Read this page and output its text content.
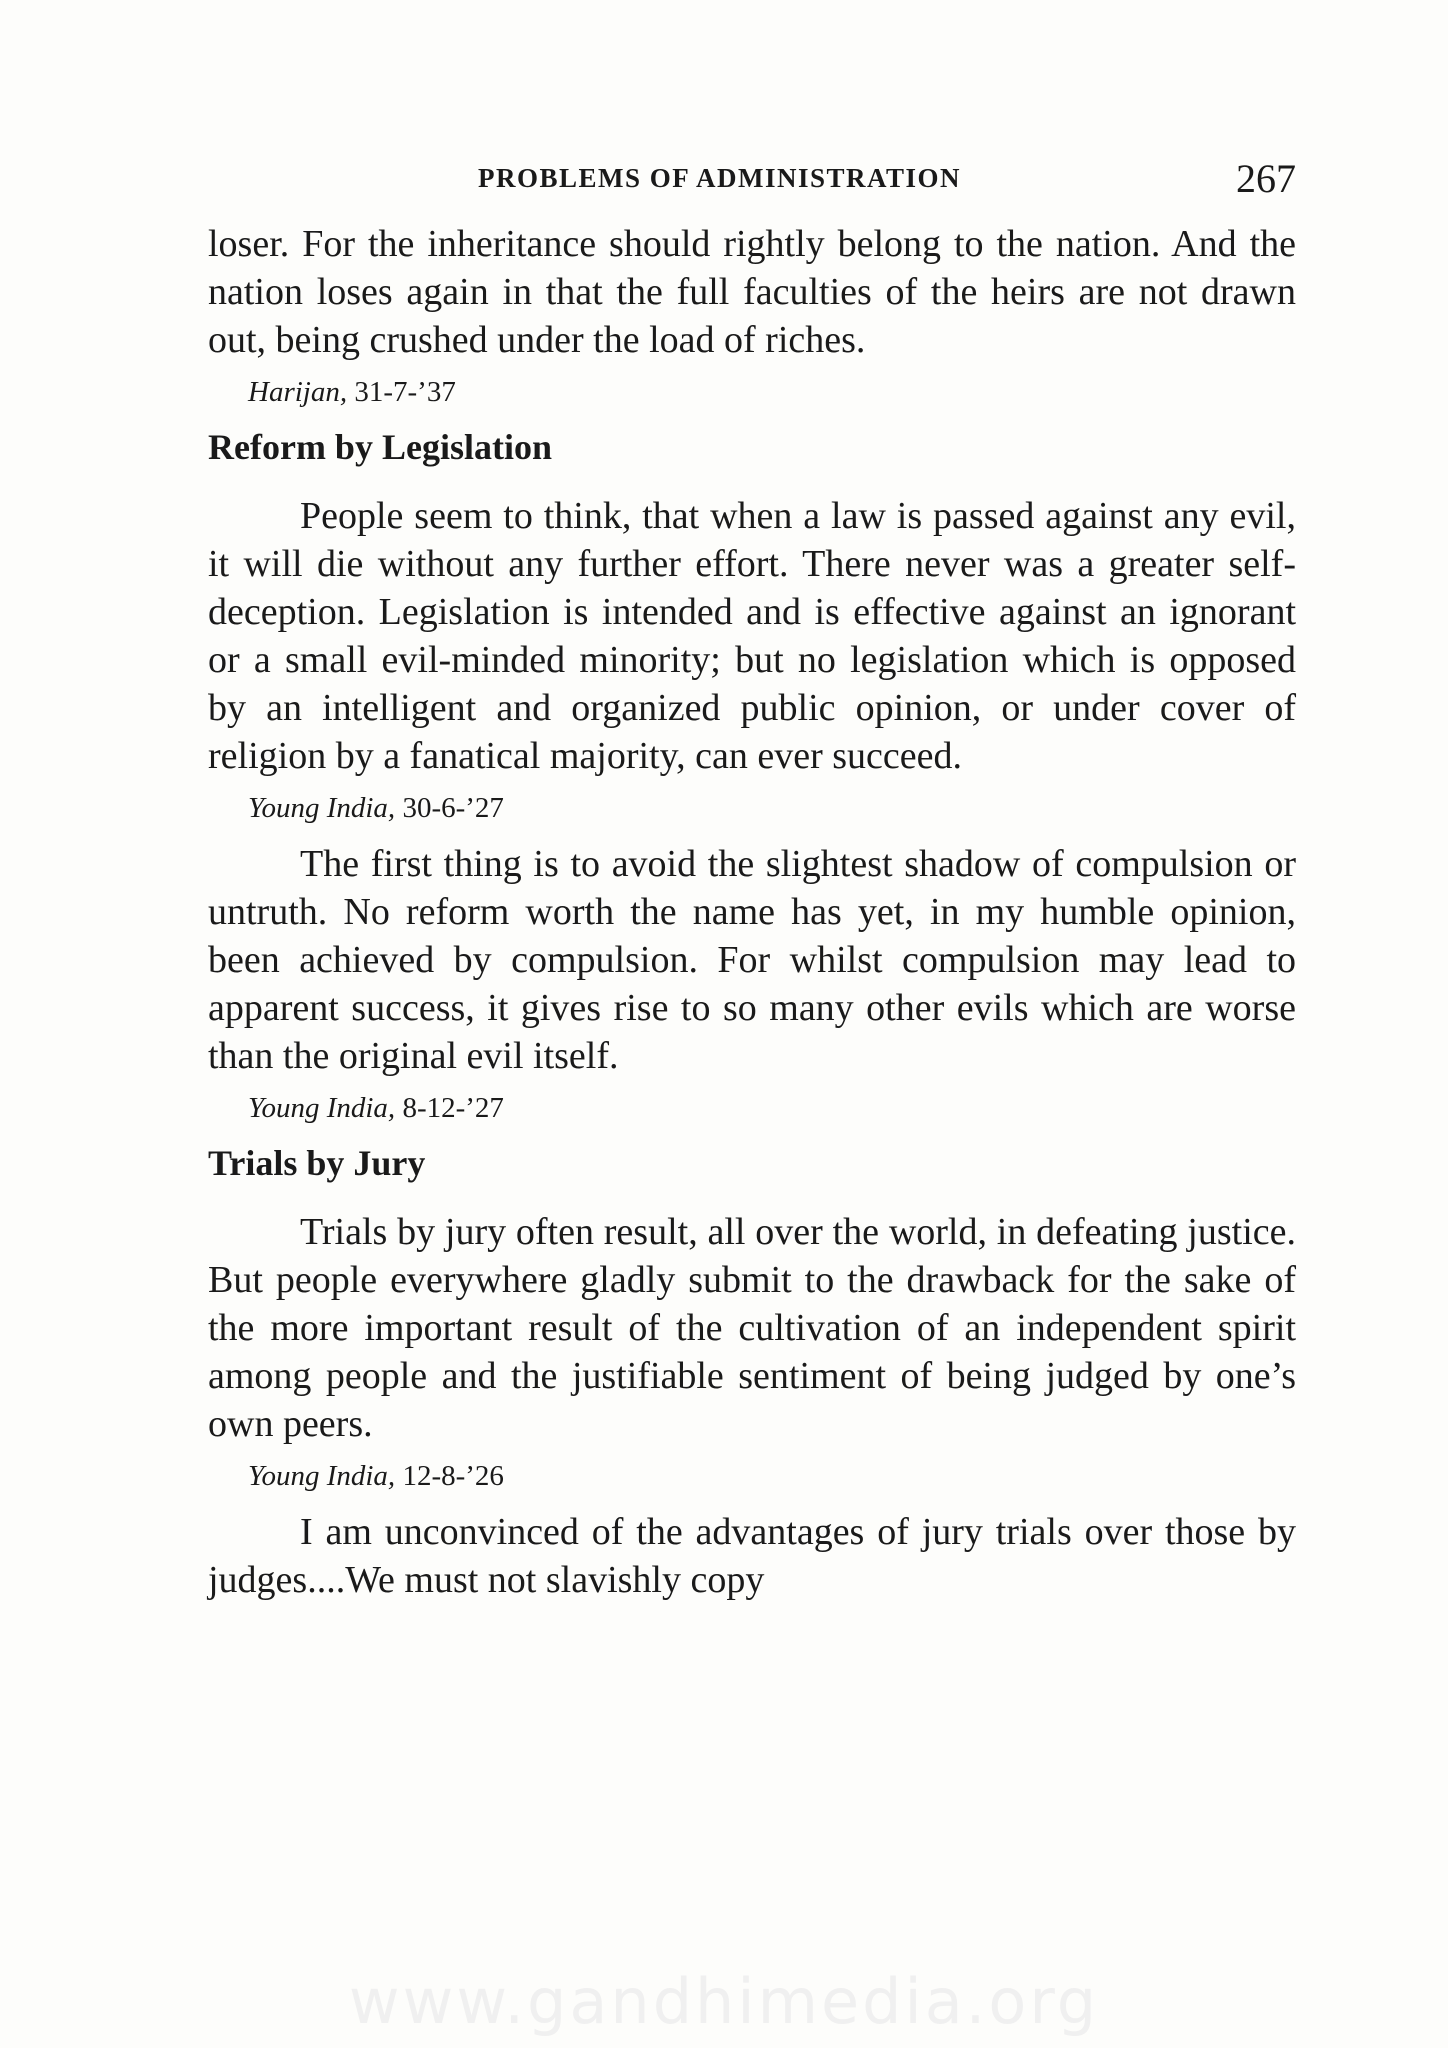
PROBLEMS OF ADMINISTRATION	267

loser. For the inheritance should rightly belong to the nation. And the nation loses again in that the full faculties of the heirs are not drawn out, being crushed under the load of riches.

Harijan, 31-7-’37
Reform by Legislation

People seem to think, that when a law is passed against any evil, it will die without any further effort. There never was a greater self-deception. Legislation is intended and is effective against an ignorant or a small evil-minded minority; but no legislation which is opposed by an intelligent and organized public opinion, or under cover of religion by a fanatical majority, can ever succeed.

Young India, 30-6-’27

The first thing is to avoid the slightest shadow of compulsion or untruth. No reform worth the name has yet, in my humble opinion, been achieved by compulsion. For whilst compulsion may lead to apparent success, it gives rise to so many other evils which are worse than the original evil itself.

Young India, 8-12-’27
Trials by Jury

Trials by jury often result, all over the world, in defeating justice. But people everywhere gladly submit to the drawback for the sake of the more important result of the cultivation of an independent spirit among people and the justifiable sentiment of being judged by one’s own peers.

Young India, 12-8-’26

I am unconvinced of the advantages of jury trials over those by judges....We must not slavishly copy

www.gandhimedia.org
